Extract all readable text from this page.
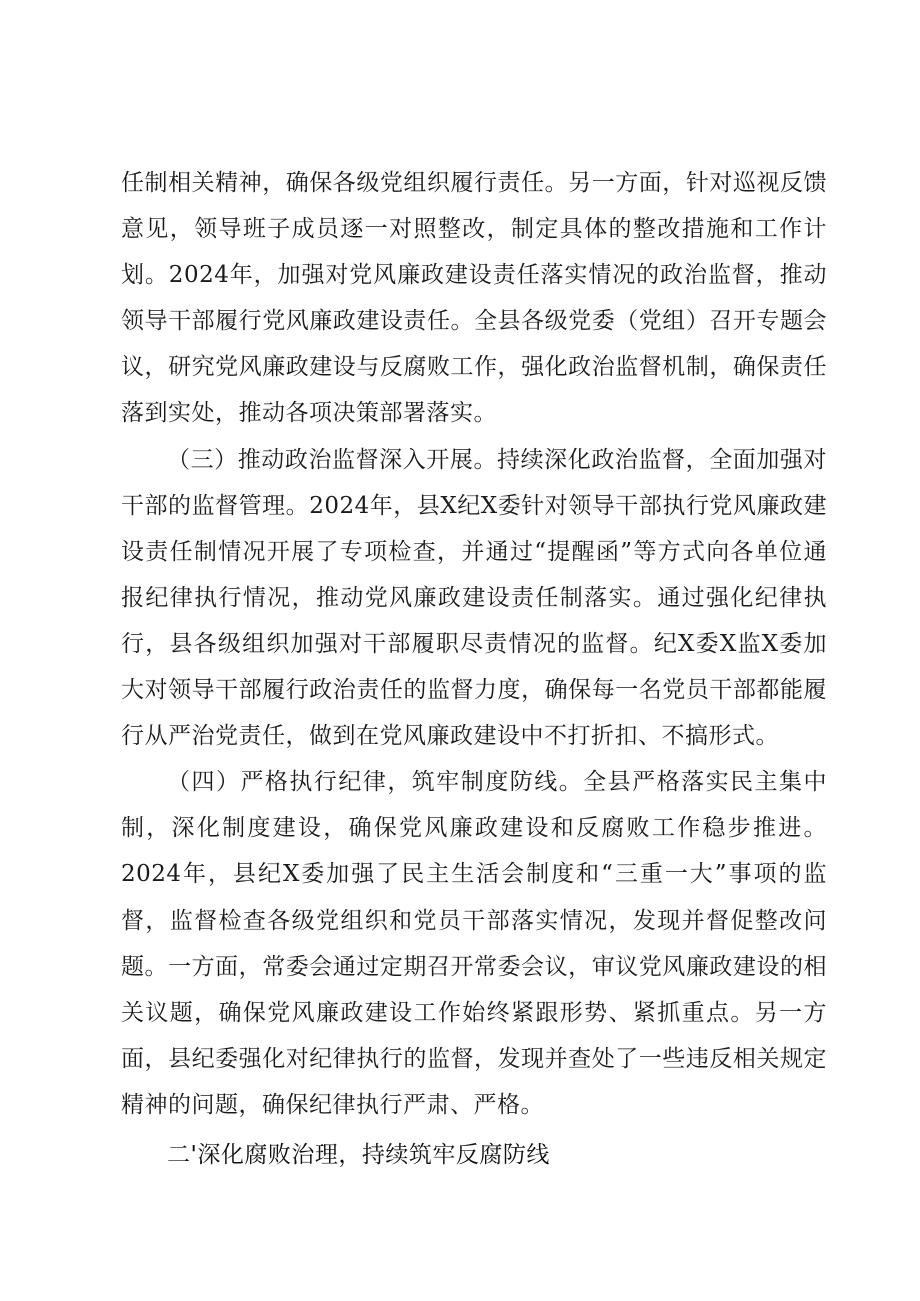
任制相关精神，确保各级党组织履行责任。另一方面，针对巡视反馈意见，领导班子成员逐一对照整改，制定具体的整改措施和工作计划。2024年，加强对党风廉政建设责任落实情况的政治监督，推动领导干部履行党风廉政建设责任。全县各级党委（党组）召开专题会议，研究党风廉政建设与反腐败工作，强化政治监督机制，确保责任落到实处，推动各项决策部署落实。

（三）推动政治监督深入开展。持续深化政治监督，全面加强对干部的监督管理。2024年，县X纪X委针对领导干部执行党风廉政建设责任制情况开展了专项检查，并通过“提醒函”等方式向各单位通报纪律执行情况，推动党风廉政建设责任制落实。通过强化纪律执行，县各级组织加强对干部履职尽责情况的监督。纪X委X监X委加大对领导干部履行政治责任的监督力度，确保每一名党员干部都能履行从严治党责任，做到在党风廉政建设中不打折扣、不搞形式。

（四）严格执行纪律，筑牢制度防线。全县严格落实民主集中制，深化制度建设，确保党风廉政建设和反腐败工作稳步推进。2024年，县纪X委加强了民主生活会制度和“三重一大”事项的监督，监督检查各级党组织和党员干部落实情况，发现并督促整改问题。一方面，常委会通过定期召开常委会议，审议党风廉政建设的相关议题，确保党风廉政建设工作始终紧跟形势、紧抓重点。另一方面，县纪委强化对纪律执行的监督，发现并查处了一些违反相关规定精神的问题，确保纪律执行严肃、严格。

二'深化腐败治理，持续筑牢反腐防线
